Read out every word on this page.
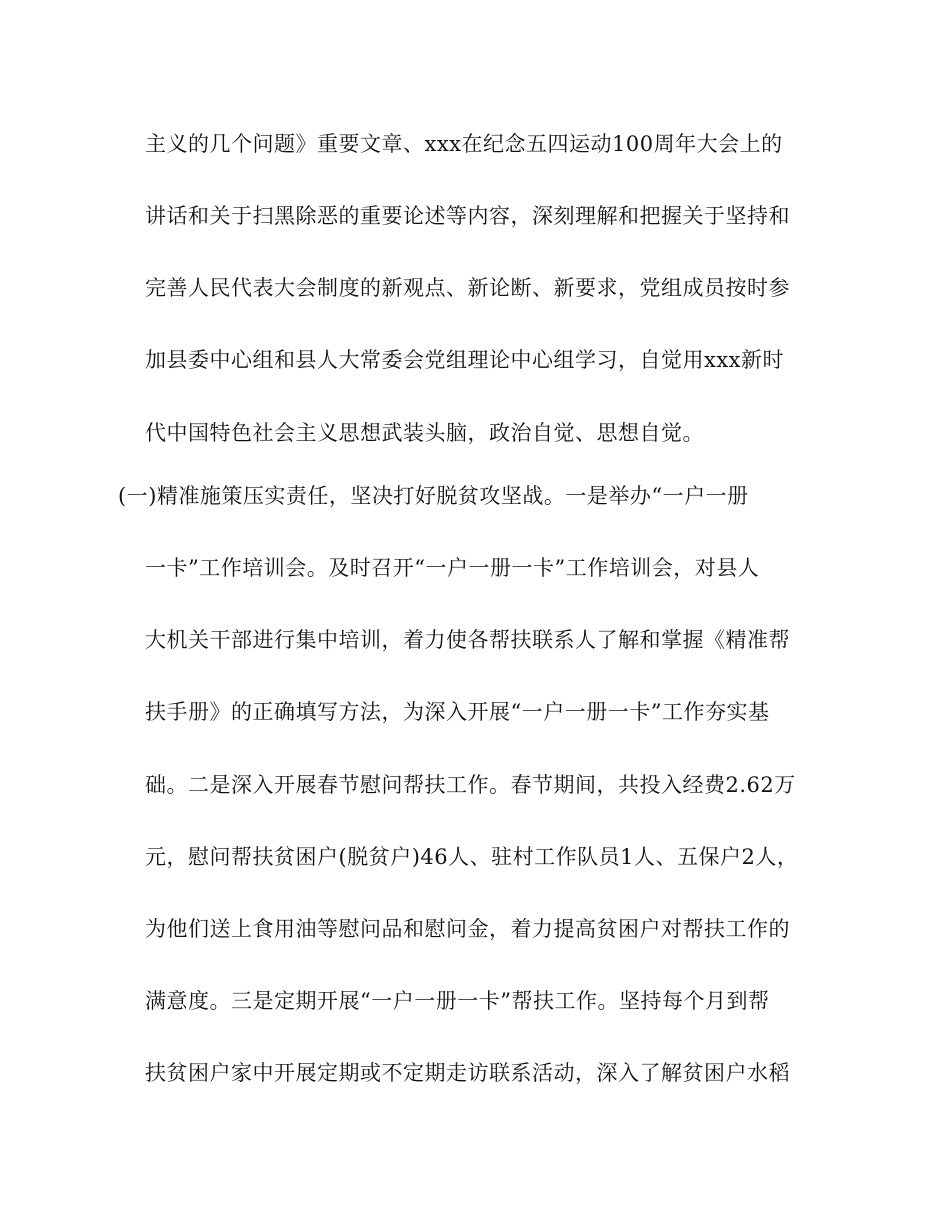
主义的几个问题》重要文章、xxx在纪念五四运动100周年大会上的

讲话和关于扫黑除恶的重要论述等内容，深刻理解和把握关于坚持和

完善人民代表大会制度的新观点、新论断、新要求，党组成员按时参

加县委中心组和县人大常委会党组理论中心组学习，自觉用xxx新时

代中国特色社会主义思想武装头脑，政治自觉、思想自觉。

(一)精准施策压实责任，坚决打好脱贫攻坚战。一是举办“一户一册

一卡”工作培训会。及时召开“一户一册一卡”工作培训会，对县人

大机关干部进行集中培训，着力使各帮扶联系人了解和掌握《精准帮

扶手册》的正确填写方法，为深入开展“一户一册一卡”工作夯实基

础。二是深入开展春节慰问帮扶工作。春节期间，共投入经费2.62万

元，慰问帮扶贫困户(脱贫户)46人、驻村工作队员1人、五保户2人，

为他们送上食用油等慰问品和慰问金，着力提高贫困户对帮扶工作的

满意度。三是定期开展“一户一册一卡”帮扶工作。坚持每个月到帮

扶贫困户家中开展定期或不定期走访联系活动，深入了解贫困户水稻
